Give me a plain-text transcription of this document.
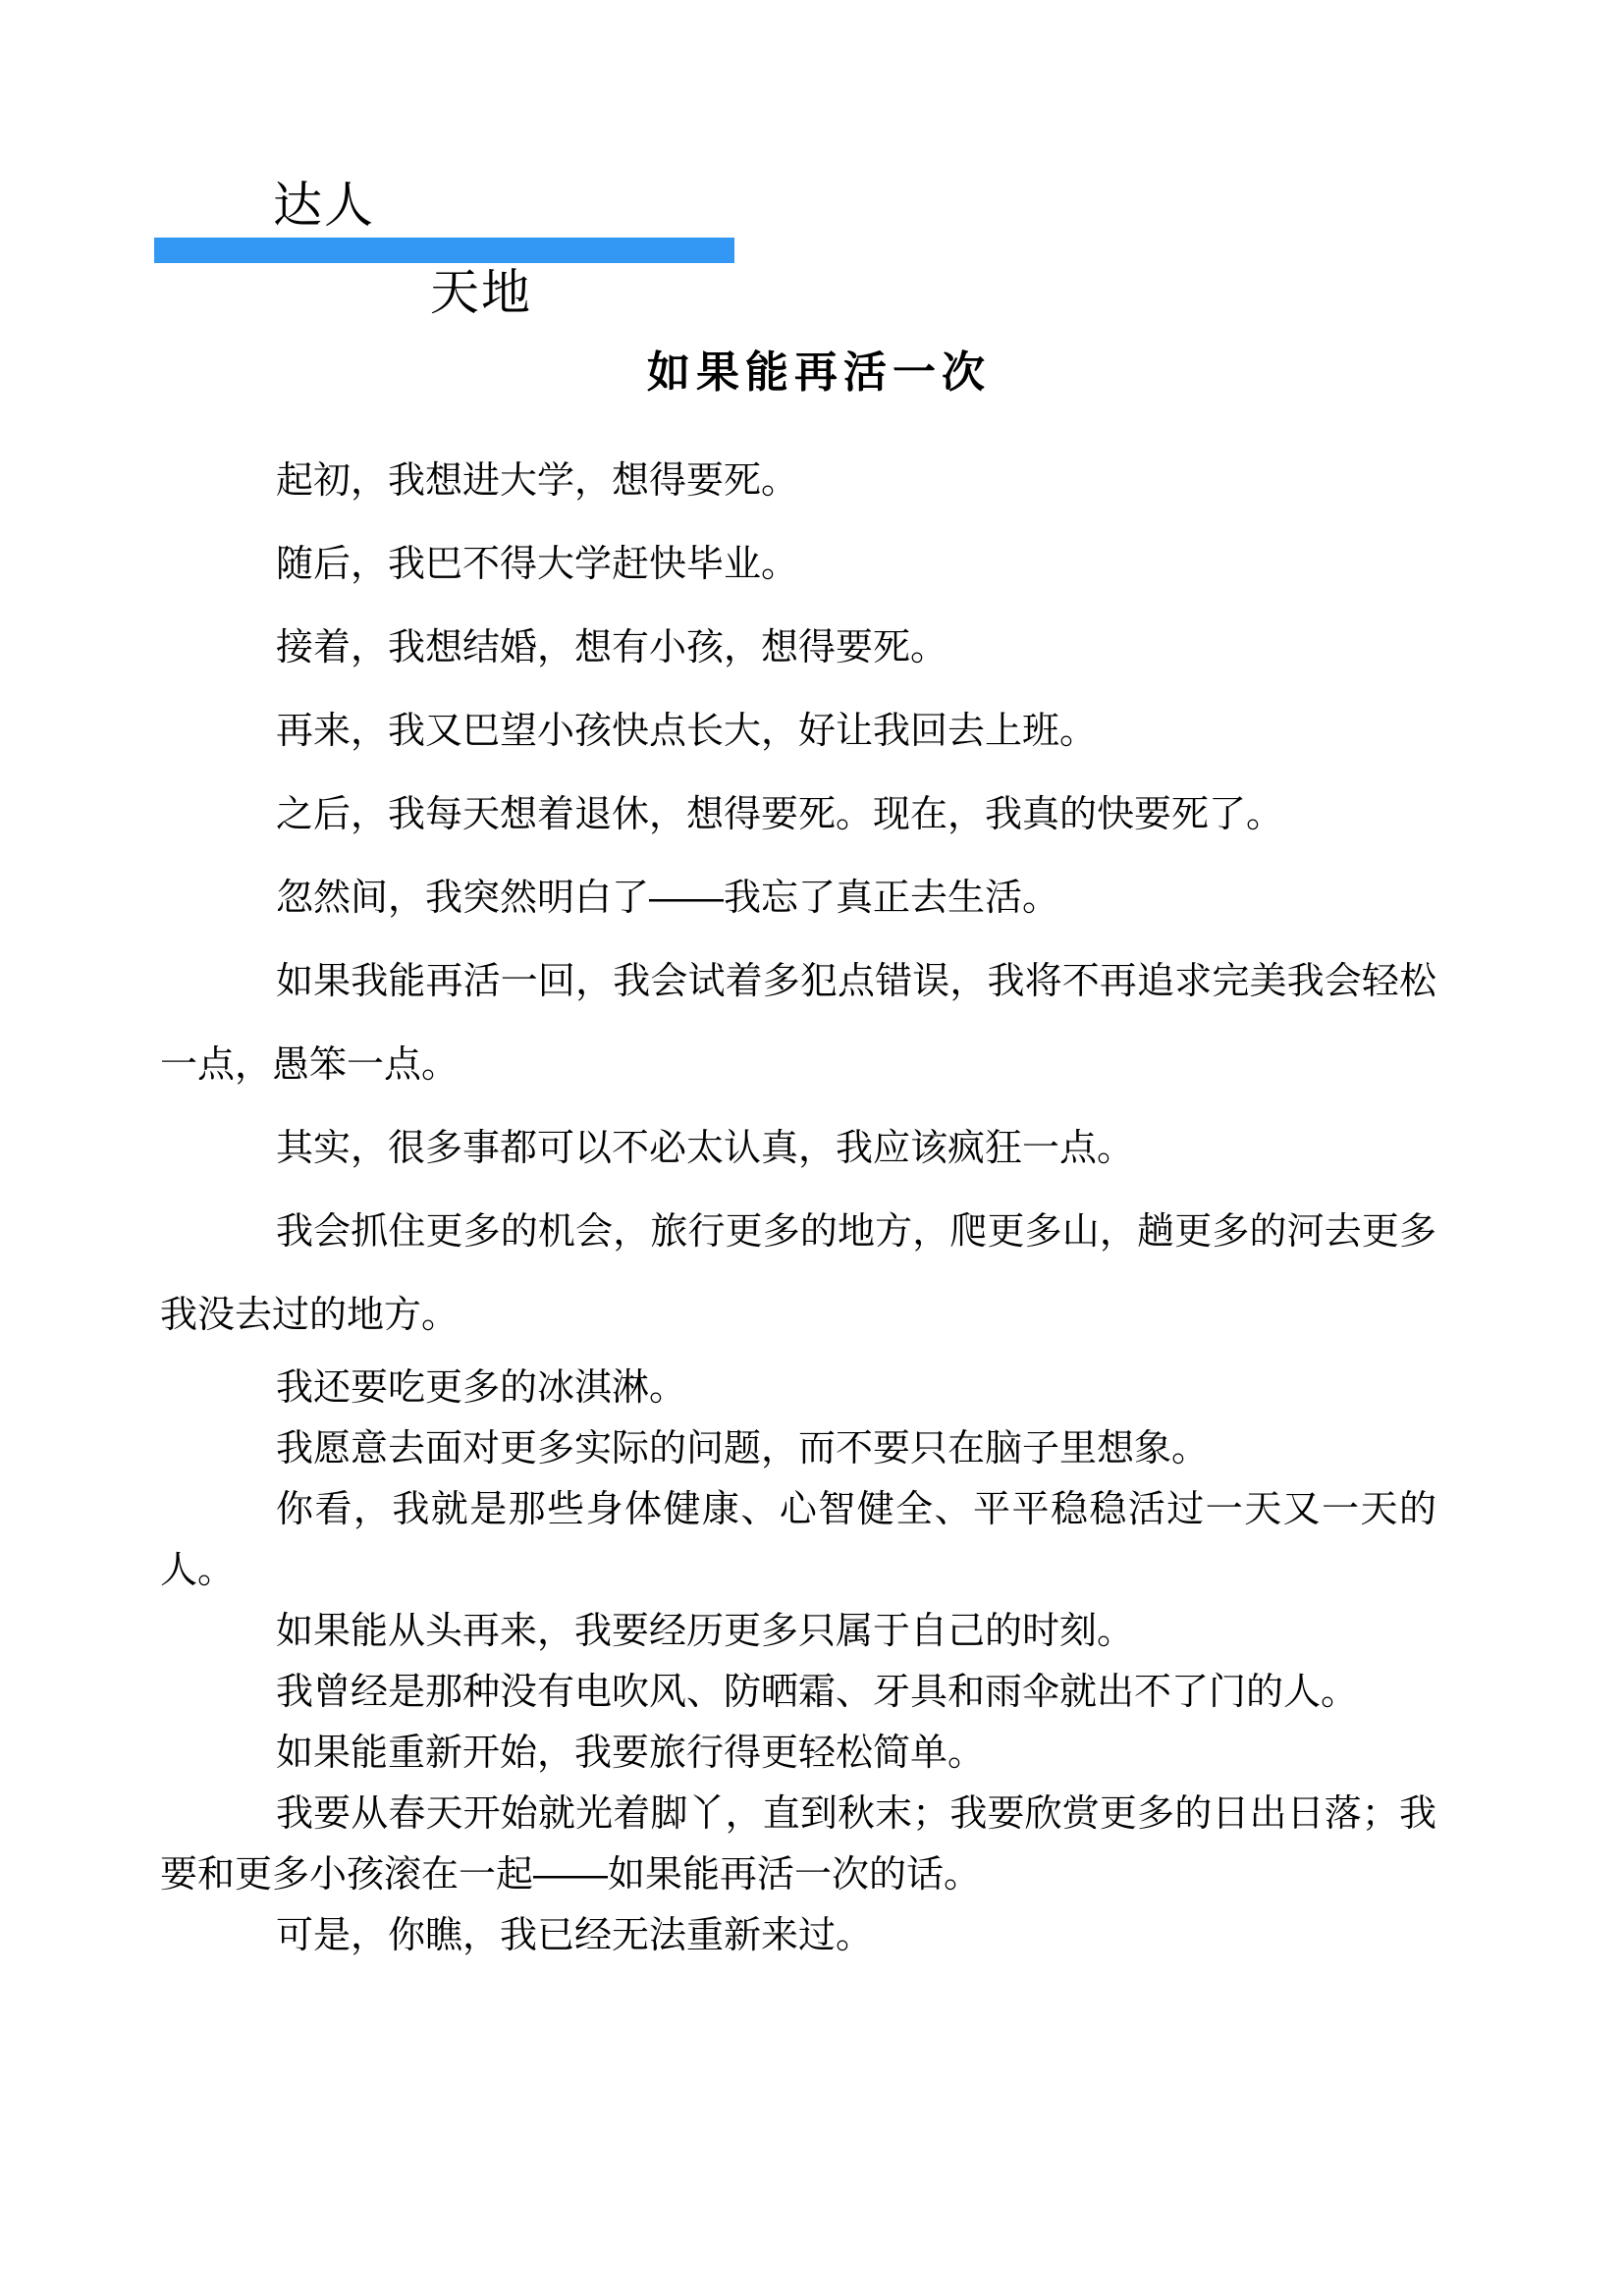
达人
天地
如果能再活一次

起初，我想进大学，想得要死。

随后，我巴不得大学赶快毕业。

接着，我想结婚，想有小孩，想得要死。

再来，我又巴望小孩快点长大，好让我回去上班。

之后，我每天想着退休，想得要死。现在，我真的快要死了。

忽然间，我突然明白了——我忘了真正去生活。

如果我能再活一回，我会试着多犯点错误，我将不再追求完美我会轻松一点，愚笨一点。

其实，很多事都可以不必太认真，我应该疯狂一点。

我会抓住更多的机会，旅行更多的地方，爬更多山，趟更多的河去更多我没去过的地方。

我还要吃更多的冰淇淋。

我愿意去面对更多实际的问题，而不要只在脑子里想象。

你看，我就是那些身体健康、心智健全、平平稳稳活过一天又一天的人。

如果能从头再来，我要经历更多只属于自己的时刻。

我曾经是那种没有电吹风、防晒霜、牙具和雨伞就出不了门的人。

如果能重新开始，我要旅行得更轻松简单。

我要从春天开始就光着脚丫，直到秋末；我要欣赏更多的日出日落；我要和更多小孩滚在一起——如果能再活一次的话。

可是，你瞧，我已经无法重新来过。
